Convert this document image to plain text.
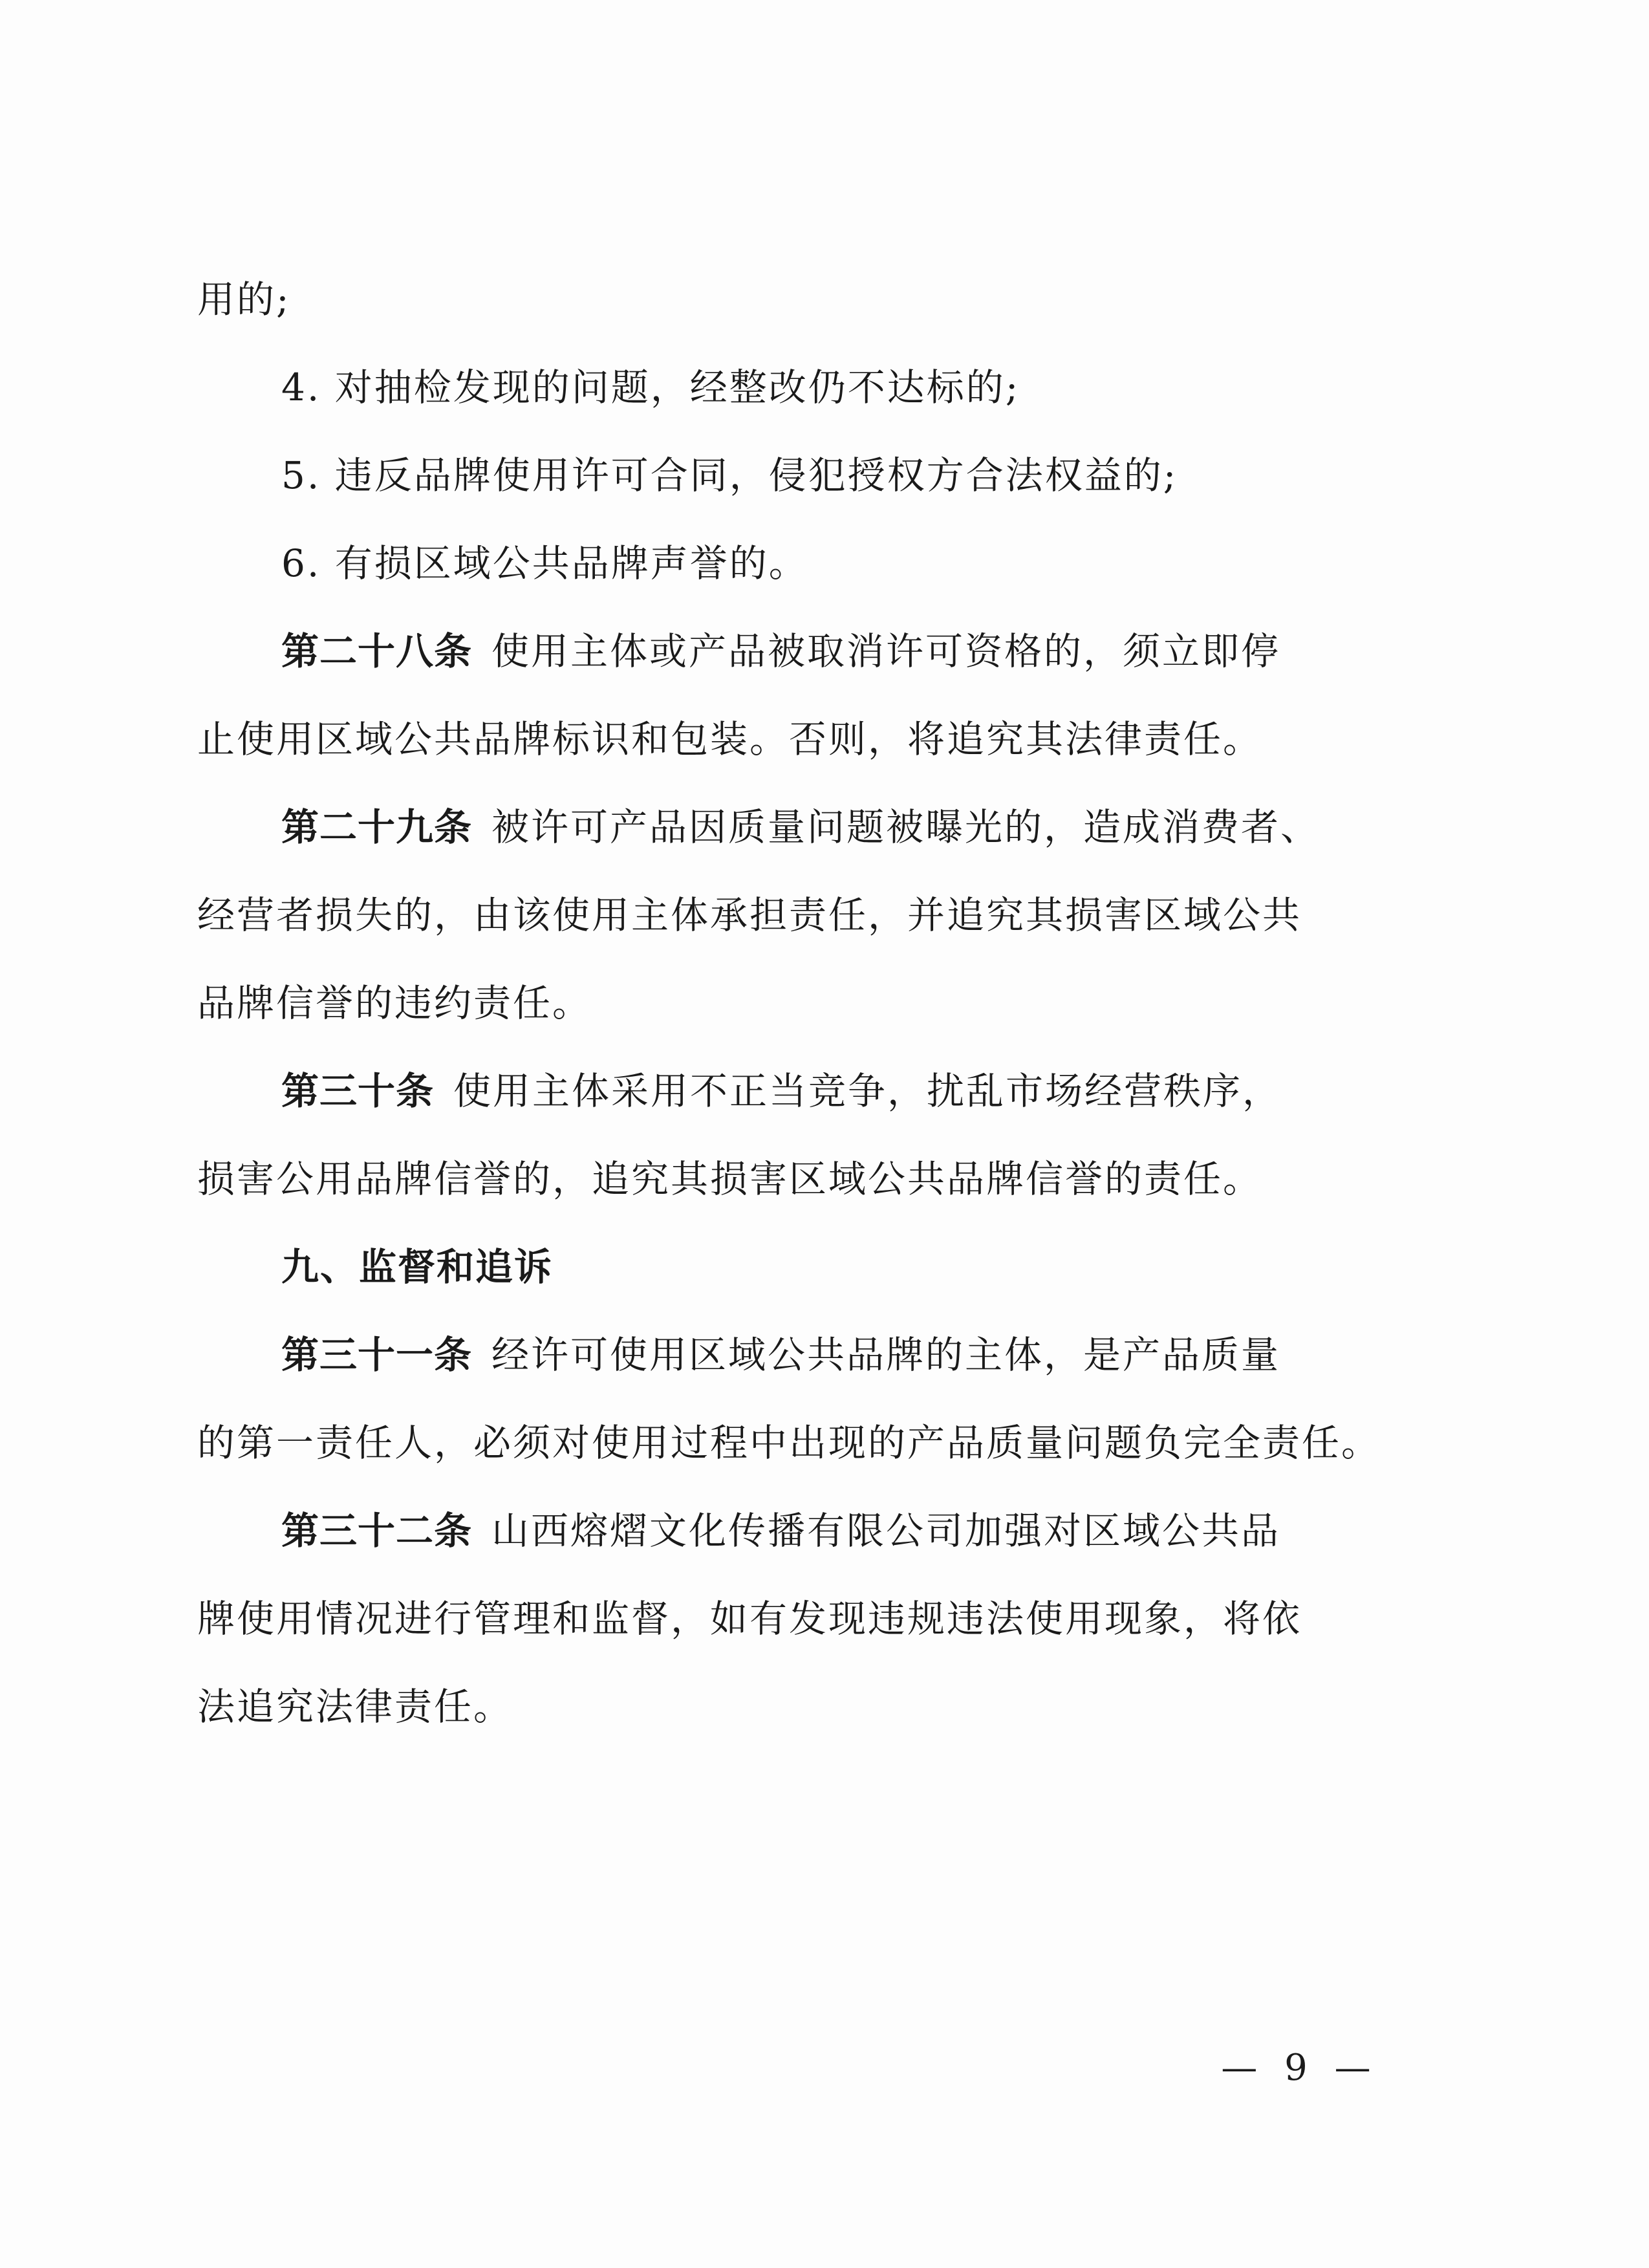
用的;

4. 对抽检发现的问题，经整改仍不达标的;

5. 违反品牌使用许可合同，侵犯授权方合法权益的;

6. 有损区域公共品牌声誉的。

第二十八条 使用主体或产品被取消许可资格的，须立即停

止使用区域公共品牌标识和包装。否则，将追究其法律责任。

第二十九条 被许可产品因质量问题被曝光的，造成消费者、

经营者损失的，由该使用主体承担责任，并追究其损害区域公共

品牌信誉的违约责任。

第三十条 使用主体采用不正当竞争，扰乱市场经营秩序，

损害公用品牌信誉的，追究其损害区域公共品牌信誉的责任。

九、监督和追诉

第三十一条 经许可使用区域公共品牌的主体，是产品质量

的第一责任人，必须对使用过程中出现的产品质量问题负完全责任。

第三十二条 山西熔熠文化传播有限公司加强对区域公共品

牌使用情况进行管理和监督，如有发现违规违法使用现象，将依

法追究法律责任。

— 9 —
